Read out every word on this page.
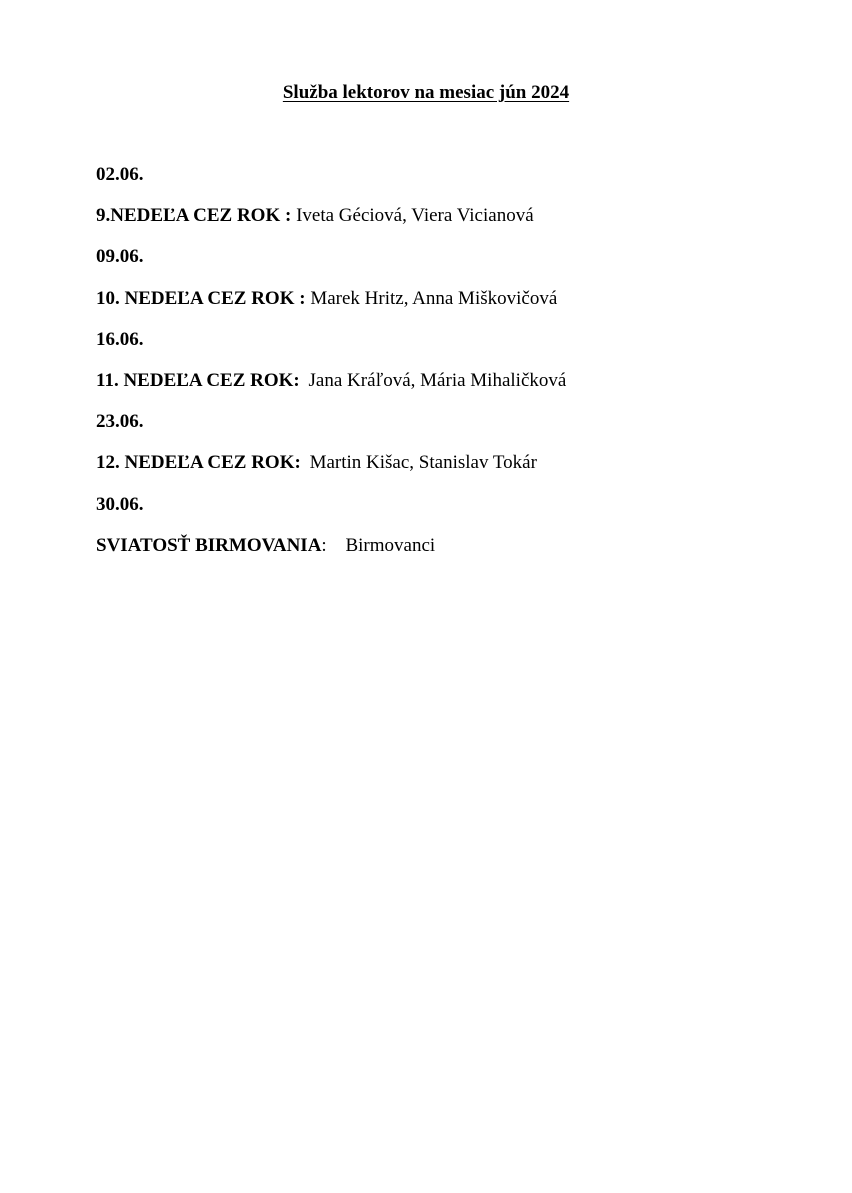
Služba lektorov na mesiac jún 2024
02.06.
9.NEDEĽA CEZ ROK : Iveta Géciová, Viera Vicianová
09.06.
10. NEDEĽA CEZ ROK : Marek Hritz, Anna Miškovičová
16.06.
11. NEDEĽA CEZ ROK: Jana Kráľová, Mária Mihaličková
23.06.
12. NEDEĽA CEZ ROK: Martin Kišac, Stanislav Tokár
30.06.
SVIATOSŤ BIRMOVANIA: Birmovanci
